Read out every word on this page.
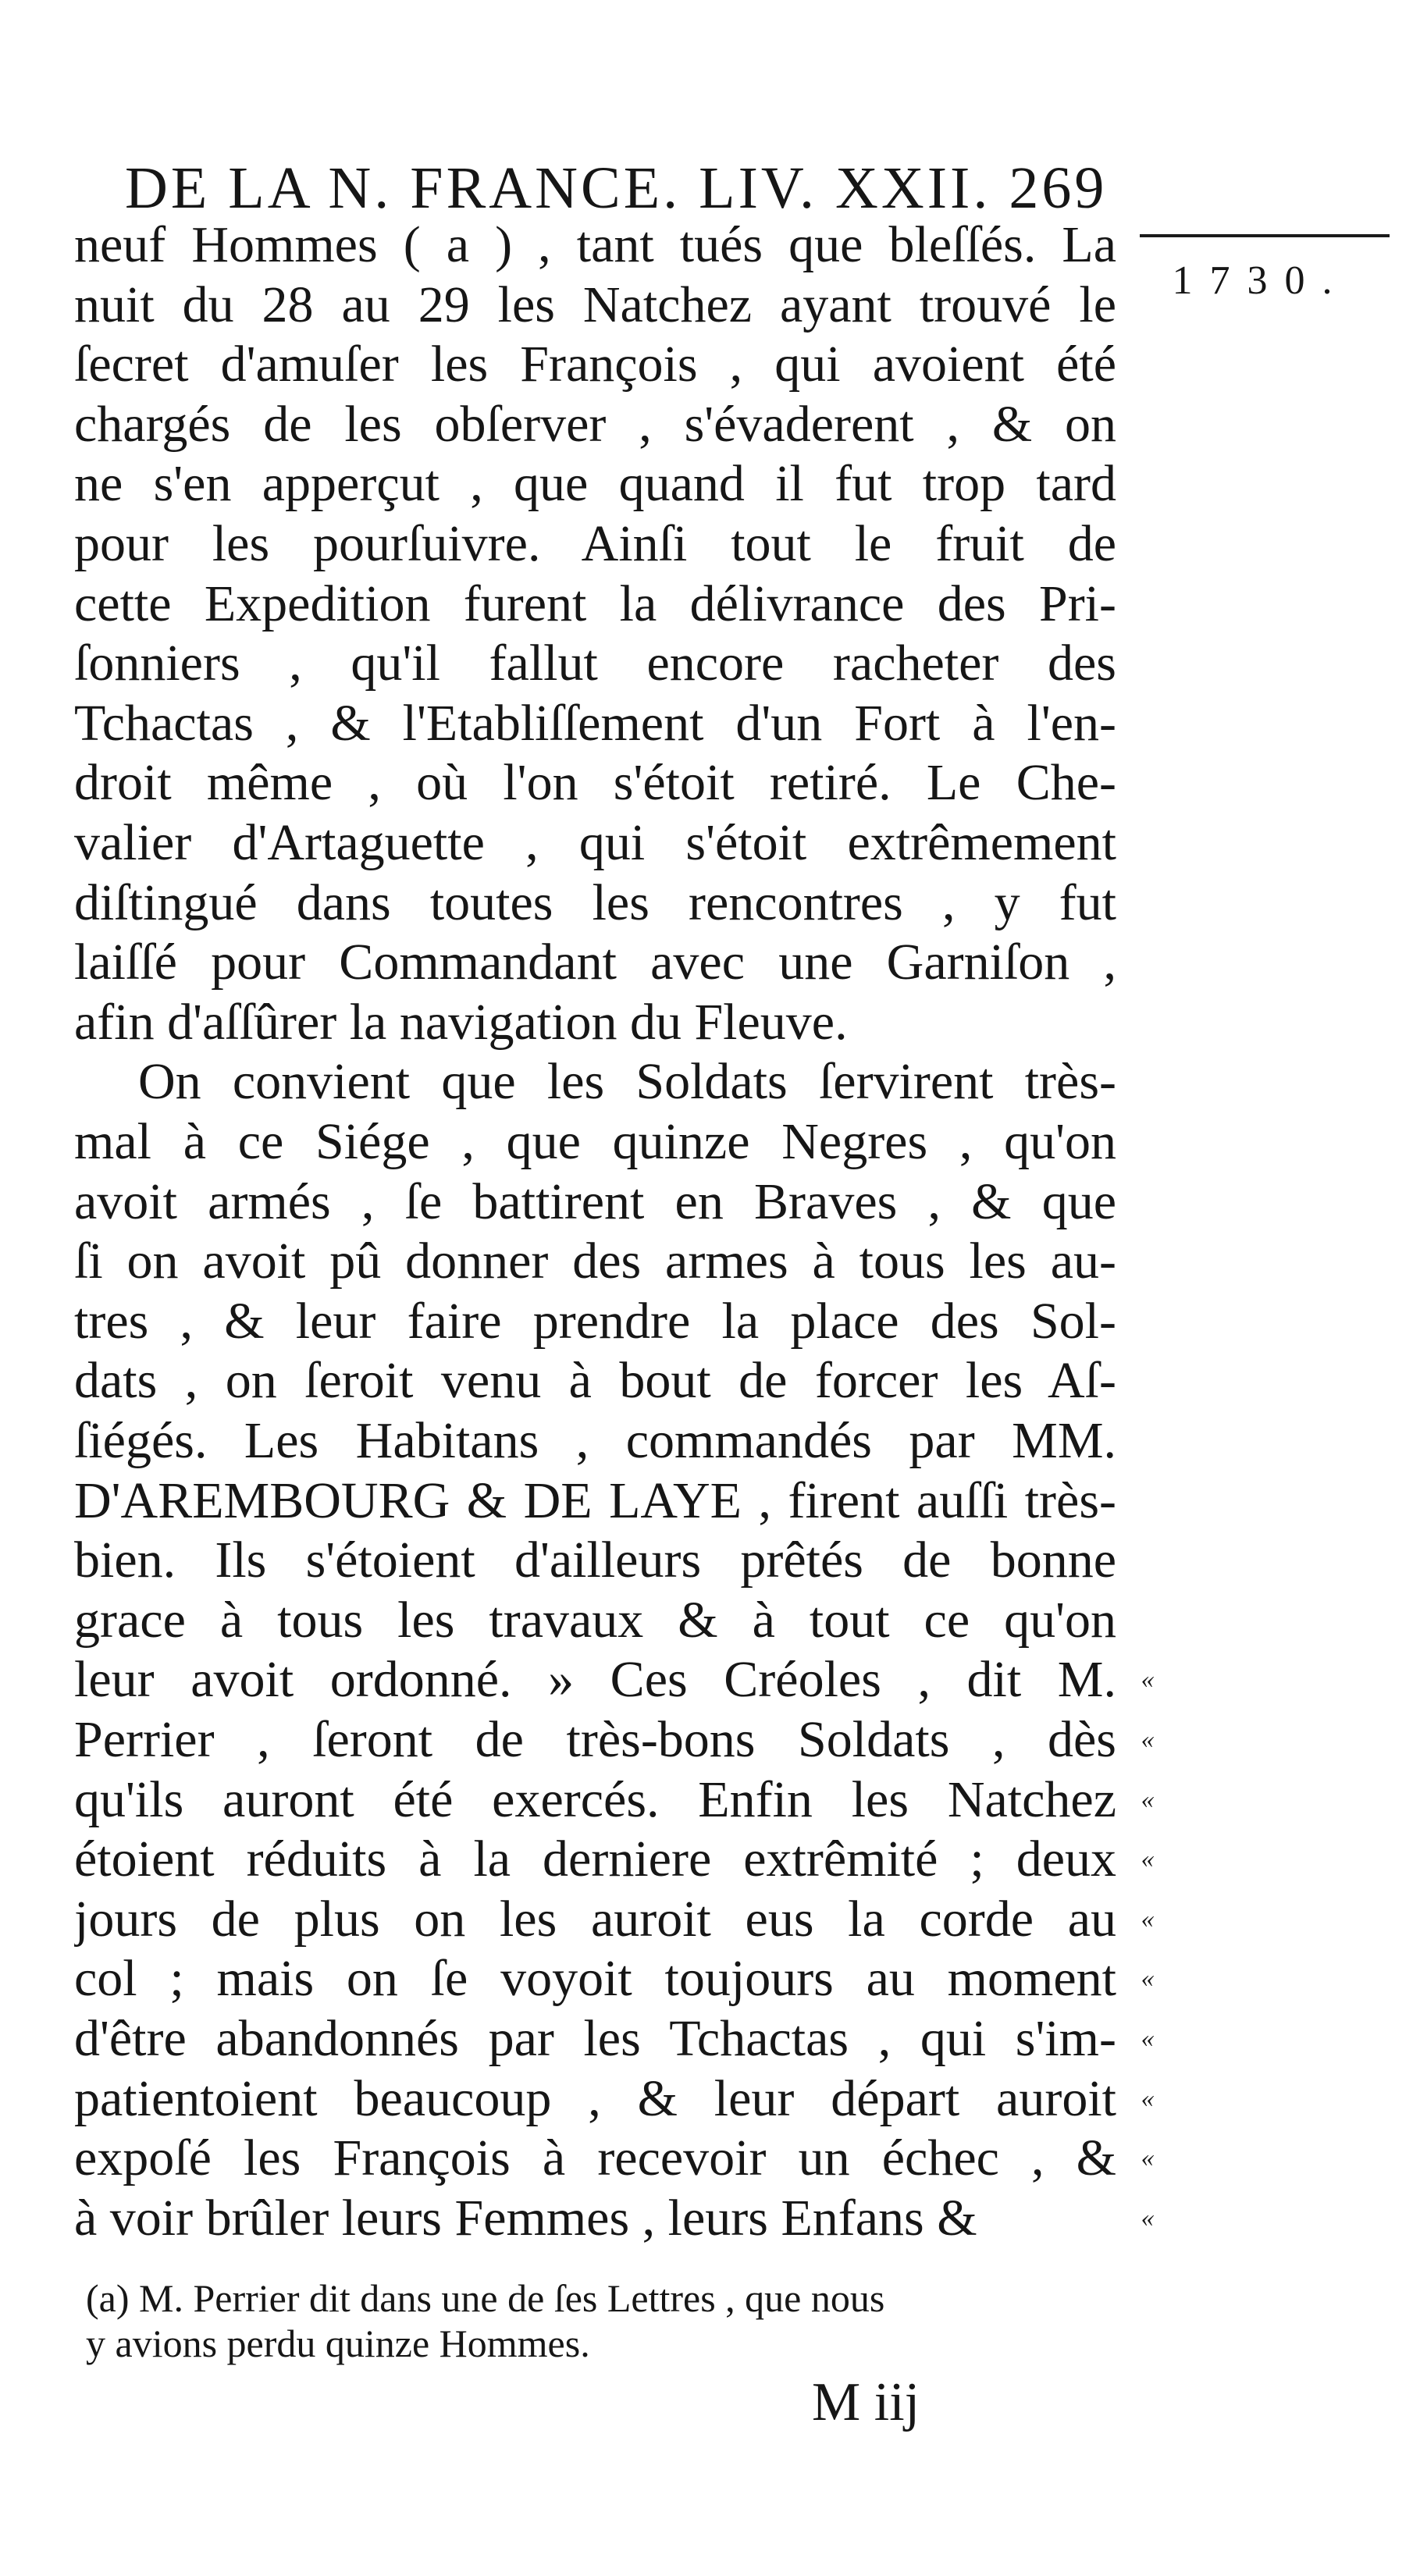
DE LA N. FRANCE. LIV. XXII. 269
1730.
neuf Hommes ( a ) , tant tués que bleſſés. La
nuit du 28 au 29 les Natchez ayant trouvé le
ſecret d'amuſer les François , qui avoient été
chargés de les obſerver , s'évaderent , & on
ne s'en apperçut , que quand il fut trop tard
pour les pourſuivre. Ainſi tout le fruit de
cette Expedition furent la délivrance des Pri-
ſonniers , qu'il fallut encore racheter des
Tchactas , & l'Etabliſſement d'un Fort à l'en-
droit même , où l'on s'étoit retiré. Le Che-
valier d'Artaguette , qui s'étoit extrêmement
diſtingué dans toutes les rencontres , y fut
laiſſé pour Commandant avec une Garniſon ,
afin d'aſſûrer la navigation du Fleuve.
On convient que les Soldats ſervirent très-
mal à ce Siége , que quinze Negres , qu'on
avoit armés , ſe battirent en Braves , & que
ſi on avoit pû donner des armes à tous les au-
tres , & leur faire prendre la place des Sol-
dats , on ſeroit venu à bout de forcer les Aſ-
ſiégés. Les Habitans , commandés par MM.
D'AREMBOURG & DE LAYE , firent auſſi très-
bien. Ils s'étoient d'ailleurs prêtés de bonne
grace à tous les travaux & à tout ce qu'on
leur avoit ordonné. » Ces Créoles , dit M.
Perrier , ſeront de très-bons Soldats , dès
qu'ils auront été exercés. Enfin les Natchez
étoient réduits à la derniere extrêmité ; deux
jours de plus on les auroit eus la corde au
col ; mais on ſe voyoit toujours au moment
d'être abandonnés par les Tchactas , qui s'im-
patientoient beaucoup , & leur départ auroit
expoſé les François à recevoir un échec , &
à voir brûler leurs Femmes , leurs Enfans &
«
«
«
«
«
«
«
«
«
«
(a) M. Perrier dit dans une de ſes Lettres , que nous
y avions perdu quinze Hommes.
M iij
